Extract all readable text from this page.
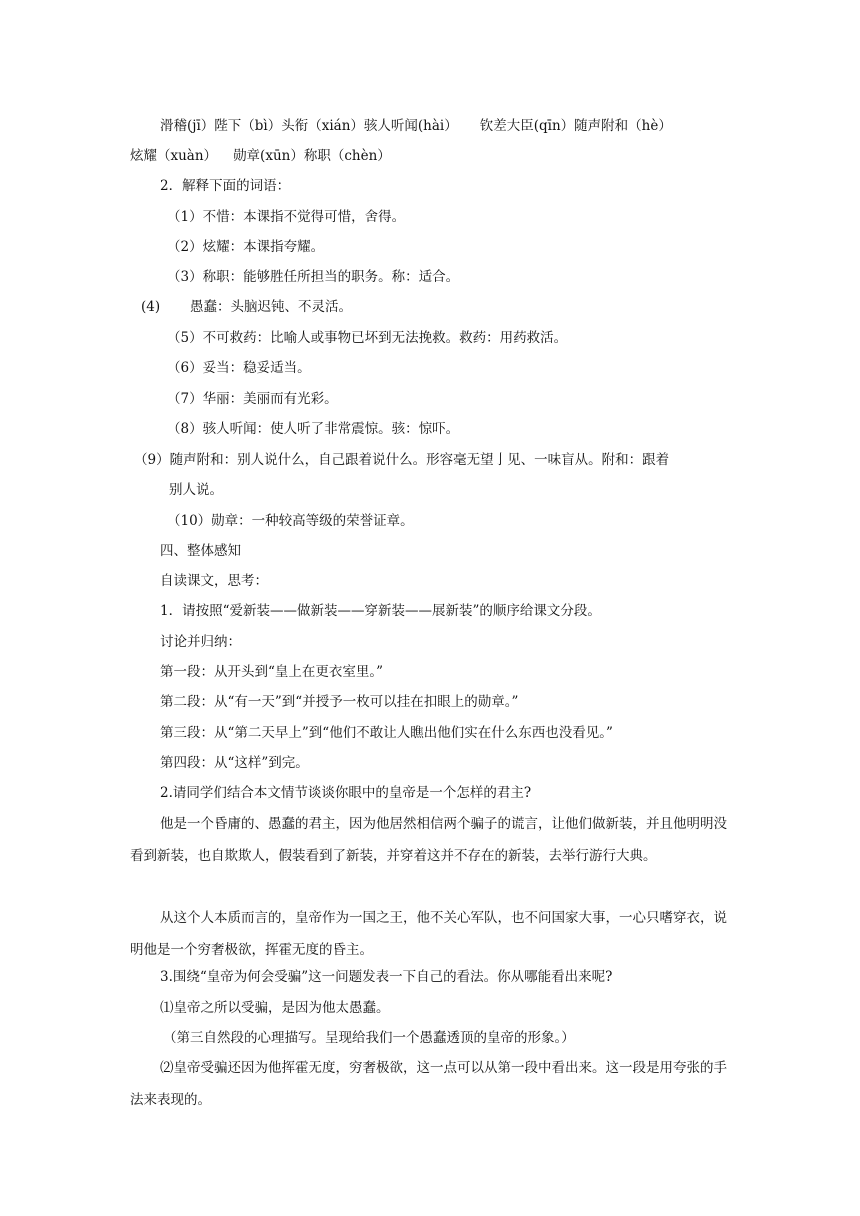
滑稽(jī）陛下（bì）头衔（xián）骇人听闻(hài） 钦差大臣(qīn）随声附和（hè）
炫耀（xuàn） 勋章(xūn）称职（chèn）
2．解释下面的词语：
（1）不惜：本课指不觉得可惜，舍得。
（2）炫耀：本课指夸耀。
（3）称职：能够胜任所担当的职务。称：适合。
(4) 愚蠢：头脑迟钝、不灵活。
（5）不可救药：比喻人或事物已坏到无法挽救。救药：用药救活。
（6）妥当：稳妥适当。
（7）华丽：美丽而有光彩。
（8）骇人听闻：使人听了非常震惊。骇：惊吓。
（9）随声附和：别人说什么，自己跟着说什么。形容毫无望亅见、一味盲从。附和：跟着
别人说。
（10）勋章：一种较高等级的荣誉证章。
四、整体感知
自读课文，思考：
1．请按照“爱新装——做新装——穿新装——展新装”的顺序给课文分段。
讨论并归纳：
第一段：从开头到“皇上在更衣室里。”
第二段：从“有一天”到“并授予一枚可以挂在扣眼上的勋章。”
第三段：从“第二天早上”到“他们不敢让人瞧出他们实在什么东西也没看见。”
第四段：从“这样”到完。
2.请同学们结合本文情节谈谈你眼中的皇帝是一个怎样的君主?

他是一个昏庸的、愚蠢的君主，因为他居然相信两个骗子的谎言，让他们做新装，并且他明明没看到新装，也自欺欺人，假装看到了新装，并穿着这并不存在的新装，去举行游行大典。

从这个人本质而言的，皇帝作为一国之王，他不关心军队，也不问国家大事，一心只嗜穿衣，说明他是一个穷奢极欲，挥霍无度的昏主。

3.围绕“皇帝为何会受骗”这一问题发表一下自己的看法。你从哪能看出来呢?
⑴皇帝之所以受骗，是因为他太愚蠢。
（第三自然段的心理描写。呈现给我们一个愚蠢透顶的皇帝的形象。）

⑵皇帝受骗还因为他挥霍无度，穷奢极欲，这一点可以从第一段中看出来。这一段是用夸张的手法来表现的。
